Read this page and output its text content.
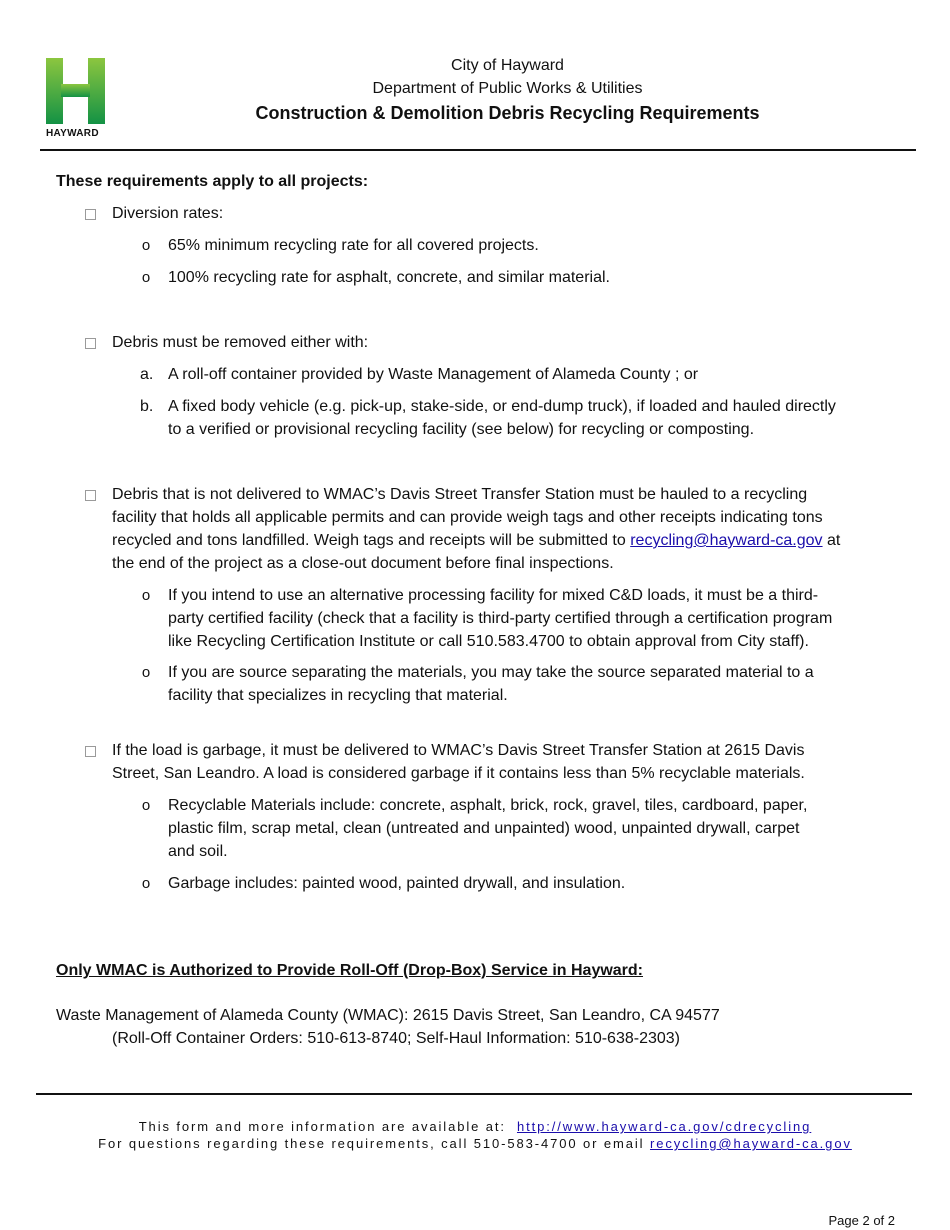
HAYWARD
City of Hayward
Department of Public Works & Utilities
Construction & Demolition Debris Recycling Requirements
These requirements apply to all projects:
Diversion rates:
o 65% minimum recycling rate for all covered projects.
o 100% recycling rate for asphalt, concrete, and similar material.
Debris must be removed either with:
a. A roll-off container provided by Waste Management of Alameda County ; or
b. A fixed body vehicle (e.g. pick-up, stake-side, or end-dump truck), if loaded and hauled directly
to a verified or provisional recycling facility (see below) for recycling or composting.
Debris that is not delivered to WMAC’s Davis Street Transfer Station must be hauled to a recycling
facility that holds all applicable permits and can provide weigh tags and other receipts indicating tons
recycled and tons landfilled. Weigh tags and receipts will be submitted to recycling@hayward-ca.gov at
the end of the project as a close-out document before final inspections.
o If you intend to use an alternative processing facility for mixed C&D loads, it must be a third-
party certified facility (check that a facility is third-party certified through a certification program
like Recycling Certification Institute or call 510.583.4700 to obtain approval from City staff).
o If you are source separating the materials, you may take the source separated material to a
facility that specializes in recycling that material.
If the load is garbage, it must be delivered to WMAC’s Davis Street Transfer Station at 2615 Davis
Street, San Leandro. A load is considered garbage if it contains less than 5% recyclable materials.
o Recyclable Materials include: concrete, asphalt, brick, rock, gravel, tiles, cardboard, paper,
plastic film, scrap metal, clean (untreated and unpainted) wood, unpainted drywall, carpet
and soil.
o Garbage includes: painted wood, painted drywall, and insulation.
Only WMAC is Authorized to Provide Roll-Off (Drop-Box) Service in Hayward:
Waste Management of Alameda County (WMAC): 2615 Davis Street, San Leandro, CA 94577
(Roll-Off Container Orders: 510-613-8740; Self-Haul Information: 510-638-2303)
This form and more information are available at: http://www.hayward-ca.gov/cdrecycling
For questions regarding these requirements, call 510-583-4700 or email recycling@hayward-ca.gov
Page 2 of 2
